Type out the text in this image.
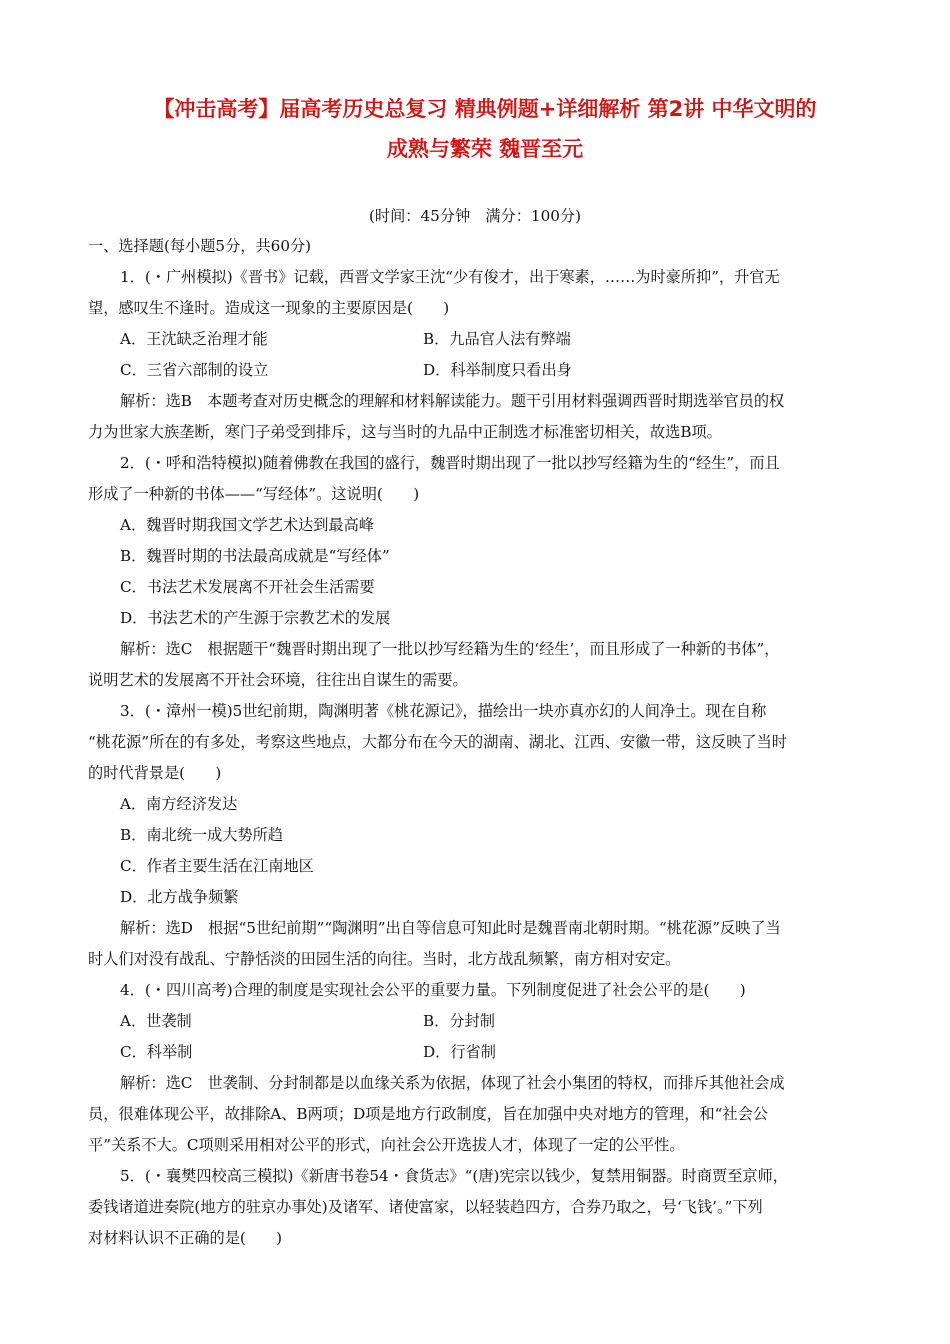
【冲击高考】届高考历史总复习 精典例题+详细解析 第2讲 中华文明的
成熟与繁荣 魏晋至元
(时间：45分钟　满分：100分)
一、选择题(每小题5分，共60分)
1．(・广州模拟)《晋书》记载，西晋文学家王沈“少有俊才，出于寒素，……为时豪所抑”，升官无
望，感叹生不逢时。造成这一现象的主要原因是(　　)
A．王沈缺乏治理才能	B．九品官人法有弊端
C．三省六部制的设立	D．科举制度只看出身
解析：选B　本题考查对历史概念的理解和材料解读能力。题干引用材料强调西晋时期选举官员的权
力为世家大族垄断，寒门子弟受到排斥，这与当时的九品中正制选才标准密切相关，故选B项。
2．(・呼和浩特模拟)随着佛教在我国的盛行，魏晋时期出现了一批以抄写经籍为生的“经生”，而且
形成了一种新的书体——“写经体”。这说明(　　)
A．魏晋时期我国文学艺术达到最高峰
B．魏晋时期的书法最高成就是“写经体”
C．书法艺术发展离不开社会生活需要
D．书法艺术的产生源于宗教艺术的发展
解析：选C　根据题干“魏晋时期出现了一批以抄写经籍为生的‘经生’，而且形成了一种新的书体”，
说明艺术的发展离不开社会环境，往往出自谋生的需要。
3．(・漳州一模)5世纪前期，陶渊明著《桃花源记》，描绘出一块亦真亦幻的人间净土。现在自称
“桃花源”所在的有多处，考察这些地点，大都分布在今天的湖南、湖北、江西、安徽一带，这反映了当时
的时代背景是(　　)
A．南方经济发达
B．南北统一成大势所趋
C．作者主要生活在江南地区
D．北方战争频繁
解析：选D　根据“5世纪前期”“陶渊明”出自等信息可知此时是魏晋南北朝时期。“桃花源”反映了当
时人们对没有战乱、宁静恬淡的田园生活的向往。当时，北方战乱频繁，南方相对安定。
4．(・四川高考)合理的制度是实现社会公平的重要力量。下列制度促进了社会公平的是(　　)
A．世袭制	B．分封制
C．科举制	D．行省制
解析：选C　世袭制、分封制都是以血缘关系为依据，体现了社会小集团的特权，而排斥其他社会成
员，很难体现公平，故排除A、B两项；D项是地方行政制度，旨在加强中央对地方的管理，和“社会公
平”关系不大。C项则采用相对公平的形式，向社会公开选拔人才，体现了一定的公平性。
5．(・襄樊四校高三模拟)《新唐书卷54・食货志》“(唐)宪宗以钱少，复禁用铜器。时商贾至京师，
委钱诸道进奏院(地方的驻京办事处)及诸军、诸使富家，以轻装趋四方，合券乃取之，号‘飞钱’。”下列
对材料认识不正确的是(　　)
